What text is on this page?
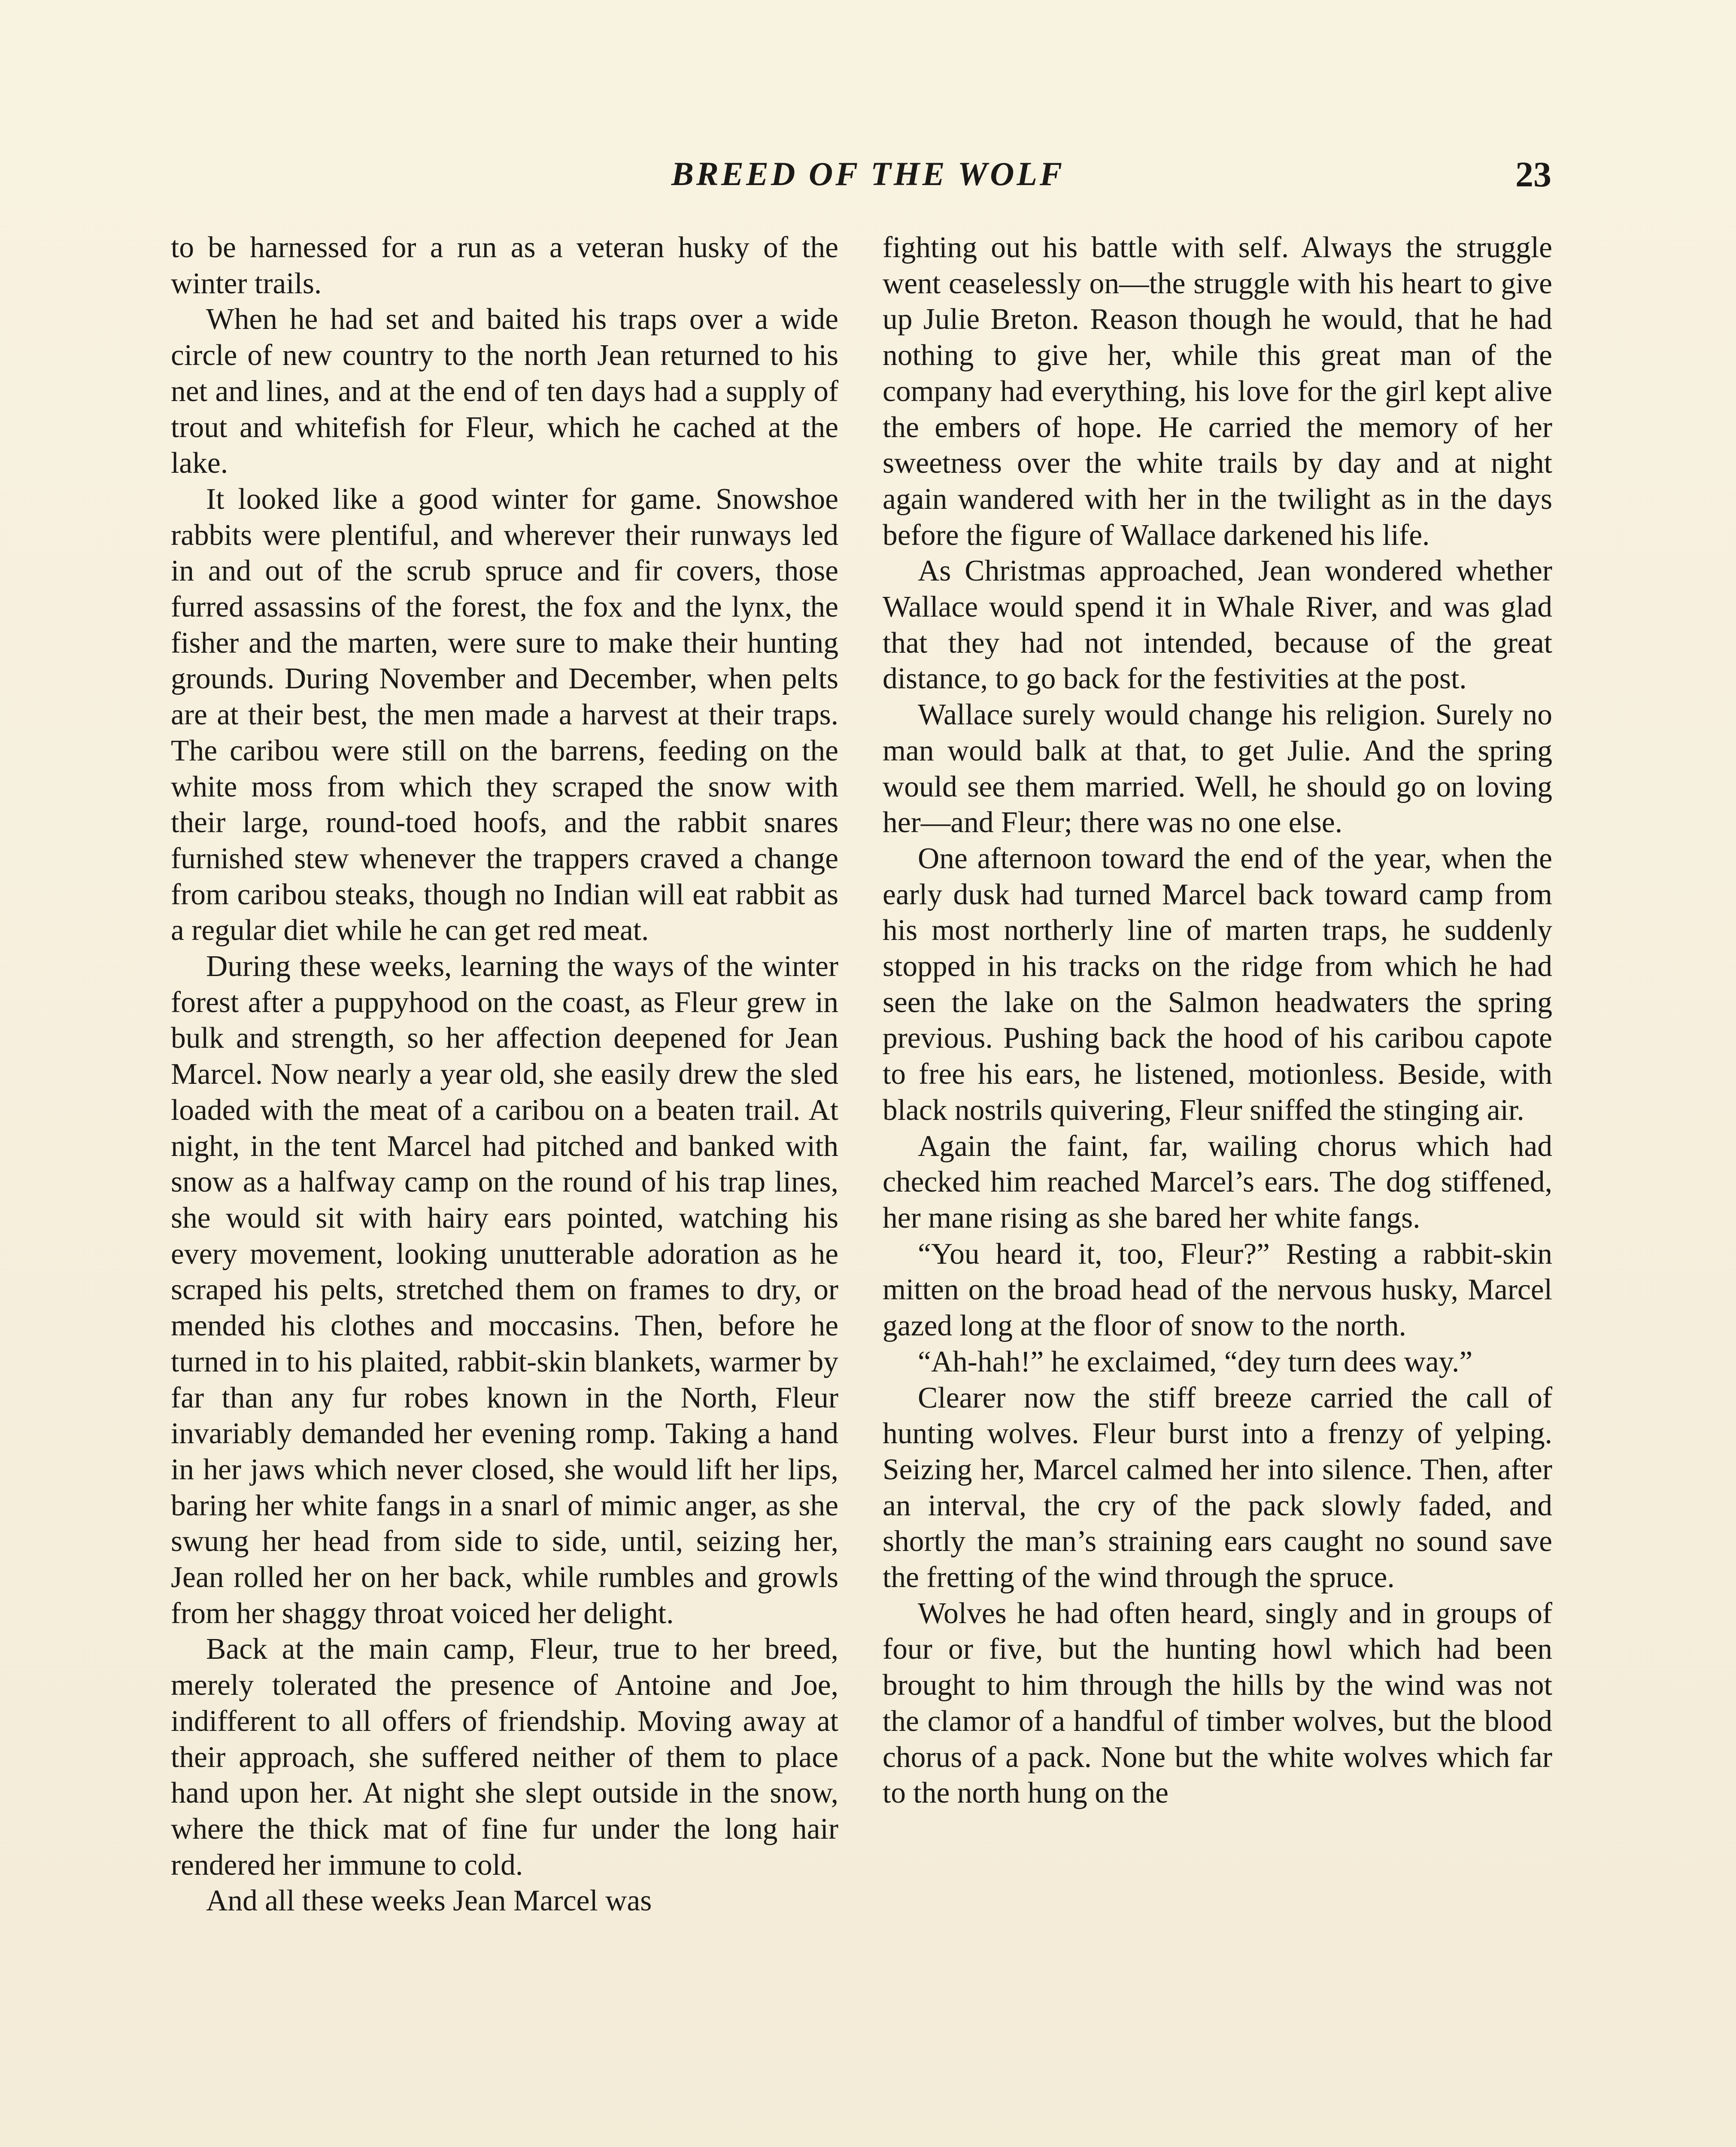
BREED OF THE WOLF	23

to be harnessed for a run as a veteran husky of the winter trails.

When he had set and baited his traps over a wide circle of new country to the north Jean returned to his net and lines, and at the end of ten days had a supply of trout and whitefish for Fleur, which he cached at the lake.

It looked like a good winter for game. Snowshoe rabbits were plentiful, and wherever their runways led in and out of the scrub spruce and fir covers, those furred assassins of the forest, the fox and the lynx, the fisher and the marten, were sure to make their hunting grounds. During November and December, when pelts are at their best, the men made a harvest at their traps. The caribou were still on the barrens, feeding on the white moss from which they scraped the snow with their large, round-toed hoofs, and the rabbit snares furnished stew whenever the trappers craved a change from caribou steaks, though no Indian will eat rabbit as a regular diet while he can get red meat.

During these weeks, learning the ways of the winter forest after a puppyhood on the coast, as Fleur grew in bulk and strength, so her affection deepened for Jean Marcel. Now nearly a year old, she easily drew the sled loaded with the meat of a caribou on a beaten trail. At night, in the tent Marcel had pitched and banked with snow as a halfway camp on the round of his trap lines, she would sit with hairy ears pointed, watching his every movement, looking unutterable adoration as he scraped his pelts, stretched them on frames to dry, or mended his clothes and moccasins. Then, before he turned in to his plaited, rabbit-skin blankets, warmer by far than any fur robes known in the North, Fleur invariably demanded her evening romp. Taking a hand in her jaws which never closed, she would lift her lips, baring her white fangs in a snarl of mimic anger, as she swung her head from side to side, until, seizing her, Jean rolled her on her back, while rumbles and growls from her shaggy throat voiced her delight.

Back at the main camp, Fleur, true to her breed, merely tolerated the presence of Antoine and Joe, indifferent to all offers of friendship. Moving away at their approach, she suffered neither of them to place hand upon her. At night she slept outside in the snow, where the thick mat of fine fur under the long hair rendered her immune to cold.

And all these weeks Jean Marcel was

fighting out his battle with self. Always the struggle went ceaselessly on—the struggle with his heart to give up Julie Breton. Reason though he would, that he had nothing to give her, while this great man of the company had everything, his love for the girl kept alive the embers of hope. He carried the memory of her sweetness over the white trails by day and at night again wandered with her in the twilight as in the days before the figure of Wallace darkened his life.

As Christmas approached, Jean wondered whether Wallace would spend it in Whale River, and was glad that they had not intended, because of the great distance, to go back for the festivities at the post.

Wallace surely would change his religion. Surely no man would balk at that, to get Julie. And the spring would see them married. Well, he should go on loving her—and Fleur; there was no one else.

One afternoon toward the end of the year, when the early dusk had turned Marcel back toward camp from his most northerly line of marten traps, he suddenly stopped in his tracks on the ridge from which he had seen the lake on the Salmon headwaters the spring previous. Pushing back the hood of his caribou capote to free his ears, he listened, motionless. Beside, with black nostrils quivering, Fleur sniffed the stinging air.

Again the faint, far, wailing chorus which had checked him reached Marcel’s ears. The dog stiffened, her mane rising as she bared her white fangs.

“You heard it, too, Fleur?” Resting a rabbit-skin mitten on the broad head of the nervous husky, Marcel gazed long at the floor of snow to the north.

“Ah-hah!” he exclaimed, “dey turn dees way.”

Clearer now the stiff breeze carried the call of hunting wolves. Fleur burst into a frenzy of yelping. Seizing her, Marcel calmed her into silence. Then, after an interval, the cry of the pack slowly faded, and shortly the man’s straining ears caught no sound save the fretting of the wind through the spruce.

Wolves he had often heard, singly and in groups of four or five, but the hunting howl which had been brought to him through the hills by the wind was not the clamor of a handful of timber wolves, but the blood chorus of a pack. None but the white wolves which far to the north hung on the
